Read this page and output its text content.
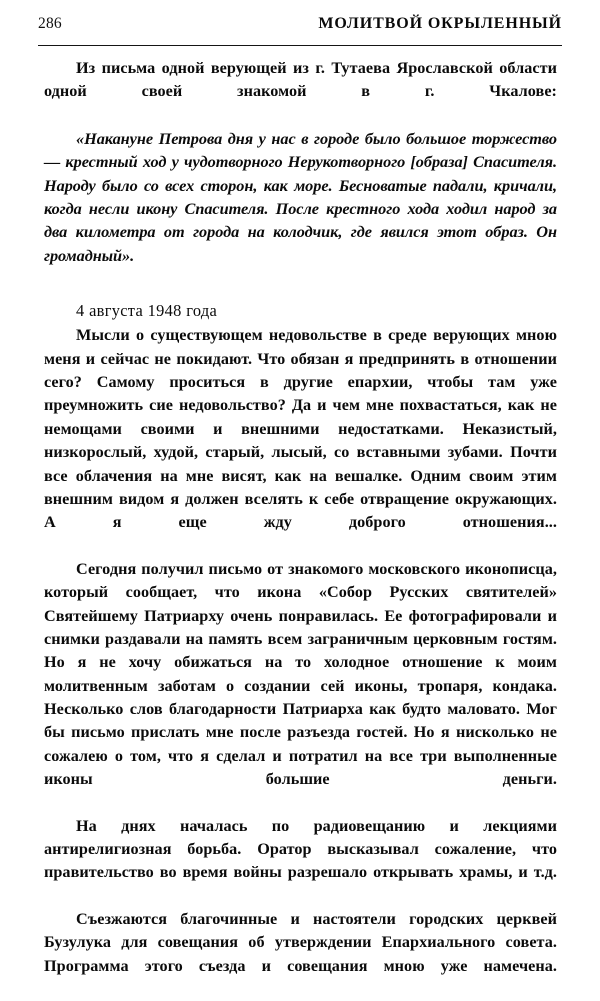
286	МОЛИТВОЙ ОКРЫЛЕННЫЙ

Из письма одной верующей из г. Тутаева Ярославской области одной своей знакомой в г. Чкалове:

«Накануне Петрова дня у нас в городе было большое торжество — крестный ход у чудотворного Нерукотворного [образа] Спасителя. Народу было со всех сторон, как море. Бесноватые падали, кричали, когда несли икону Спасителя. После крестного хода ходил народ за два километра от города на колодчик, где явился этот образ. Он громадный».

4 августа 1948 года

Мысли о существующем недовольстве в среде верующих мною меня и сейчас не покидают. Что обязан я предпринять в отношении сего? Самому проситься в другие епархии, чтобы там уже преумножить сие недовольство? Да и чем мне похвастаться, как не немощами своими и внешними недостатками. Неказистый, низкорослый, худой, старый, лысый, со вставными зубами. Почти все облачения на мне висят, как на вешалке. Одним своим этим внешним видом я должен вселять к себе отвращение окружающих. А я еще жду доброго отношения...

Сегодня получил письмо от знакомого московского иконописца, который сообщает, что икона «Собор Русских святителей» Святейшему Патриарху очень понравилась. Ее фотографировали и снимки раздавали на память всем заграничным церковным гостям. Но я не хочу обижаться на то холодное отношение к моим молитвенным заботам о создании сей иконы, тропаря, кондака. Несколько слов благодарности Патриарха как будто маловато. Мог бы письмо прислать мне после разъезда гостей. Но я нисколько не сожалею о том, что я сделал и потратил на все три выполненные иконы большие деньги.

На днях началась по радиовещанию и лекциями антирелигиозная борьба. Оратор высказывал сожаление, что правительство во время войны разрешало открывать храмы, и т.д.

Съезжаются благочинные и настоятели городских церквей Бузулука для совещания об утверждении Епархиального совета. Программа этого съезда и совещания мною уже намечена.
